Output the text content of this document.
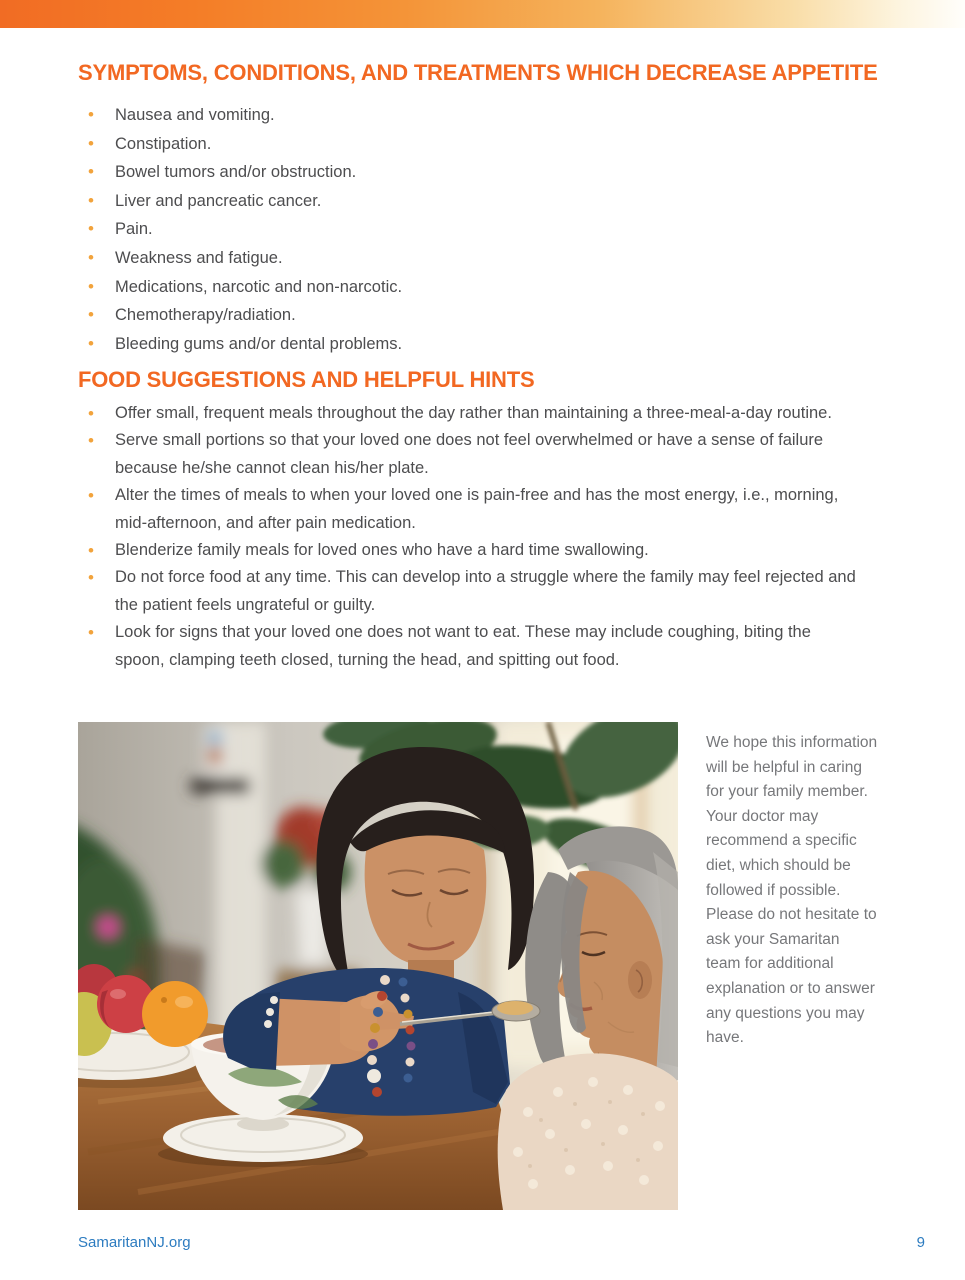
SYMPTOMS, CONDITIONS, AND TREATMENTS WHICH DECREASE APPETITE
•	Nausea and vomiting.
•	Constipation.
•	Bowel tumors and/or obstruction.
•	Liver and pancreatic cancer.
•	Pain.
•	Weakness and fatigue.
•	Medications, narcotic and non-narcotic.
•	Chemotherapy/radiation.
•	Bleeding gums and/or dental problems.
FOOD SUGGESTIONS AND HELPFUL HINTS
•	Offer small, frequent meals throughout the day rather than maintaining a three-meal-a-day routine.
•	Serve small portions so that your loved one does not feel overwhelmed or have a sense of failure because he/she cannot clean his/her plate.
•	Alter the times of meals to when your loved one is pain-free and has the most energy, i.e., morning, mid-afternoon, and after pain medication.
•	Blenderize family meals for loved ones who have a hard time swallowing.
•	Do not force food at any time. This can develop into a struggle where the family may feel rejected and the patient feels ungrateful or guilty.
•	Look for signs that your loved one does not want to eat. These may include coughing, biting the spoon, clamping teeth closed, turning the head, and spitting out food.
We hope this information will be helpful in caring for your family member. Your doctor may recommend a specific diet, which should be followed if possible. Please do not hesitate to ask your Samaritan team for additional explanation or to answer any questions you may have.
SamaritanNJ.org	9
